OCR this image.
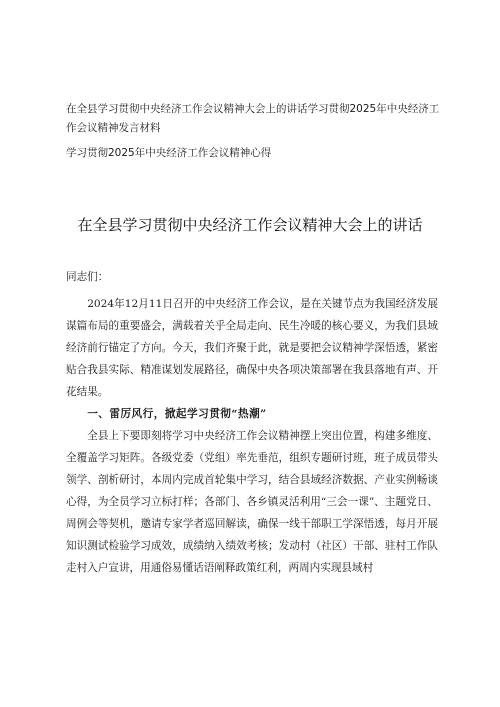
在全县学习贯彻中央经济工作会议精神大会上的讲话学习贯彻2025年中央经济工作会议精神发言材料

学习贯彻2025年中央经济工作会议精神心得

在全县学习贯彻中央经济工作会议精神大会上的讲话

同志们：

2024年12月11日召开的中央经济工作会议，是在关键节点为我国经济发展谋篇布局的重要盛会，满载着关乎全局走向、民生冷暖的核心要义，为我们县域经济前行锚定了方向。今天，我们齐聚于此，就是要把会议精神学深悟透，紧密贴合我县实际、精准谋划发展路径，确保中央各项决策部署在我县落地有声、开花结果。

一、雷厉风行，掀起学习贯彻“热潮”

全县上下要即刻将学习中央经济工作会议精神摆上突出位置，构建多维度、全覆盖学习矩阵。各级党委（党组）率先垂范，组织专题研讨班，班子成员带头领学、剖析研讨，本周内完成首轮集中学习，结合县域经济数据、产业实例畅谈心得，为全员学习立标打样；各部门、各乡镇灵活利用“三会一课”、主题党日、周例会等契机，邀请专家学者巡回解读，确保一线干部职工学深悟透，每月开展知识测试检验学习成效，成绩纳入绩效考核；发动村（社区）干部、驻村工作队走村入户宣讲，用通俗易懂话语阐释政策红利，两周内实现县域村
